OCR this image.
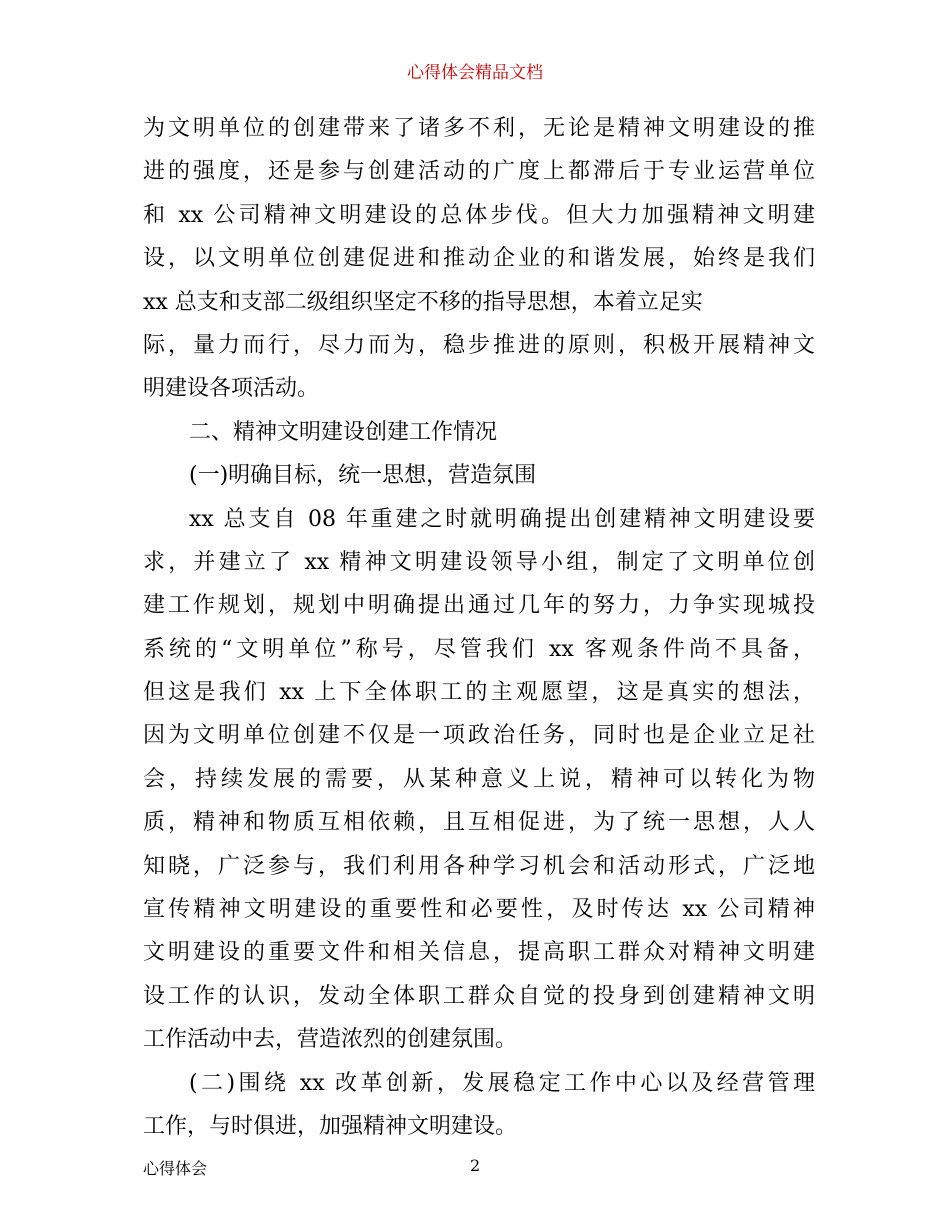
心得体会精品文档
为文明单位的创建带来了诸多不利，无论是精神文明建设的推
进的强度，还是参与创建活动的广度上都滞后于专业运营单位
和 xx 公司精神文明建设的总体步伐。但大力加强精神文明建
设，以文明单位创建促进和推动企业的和谐发展，始终是我们
xx 总支和支部二级组织坚定不移的指导思想，本着立足实
际，量力而行，尽力而为，稳步推进的原则，积极开展精神文
明建设各项活动。
二、精神文明建设创建工作情况
(一)明确目标，统一思想，营造氛围
xx 总支自 08 年重建之时就明确提出创建精神文明建设要
求，并建立了 xx 精神文明建设领导小组，制定了文明单位创
建工作规划，规划中明确提出通过几年的努力，力争实现城投
系统的“文明单位”称号，尽管我们 xx 客观条件尚不具备，
但这是我们 xx 上下全体职工的主观愿望，这是真实的想法，
因为文明单位创建不仅是一项政治任务，同时也是企业立足社
会，持续发展的需要，从某种意义上说，精神可以转化为物
质，精神和物质互相依赖，且互相促进，为了统一思想，人人
知晓，广泛参与，我们利用各种学习机会和活动形式，广泛地
宣传精神文明建设的重要性和必要性，及时传达 xx 公司精神
文明建设的重要文件和相关信息，提高职工群众对精神文明建
设工作的认识，发动全体职工群众自觉的投身到创建精神文明
工作活动中去，营造浓烈的创建氛围。
(二)围绕 xx 改革创新，发展稳定工作中心以及经营管理
工作，与时俱进，加强精神文明建设。
心得体会	2
